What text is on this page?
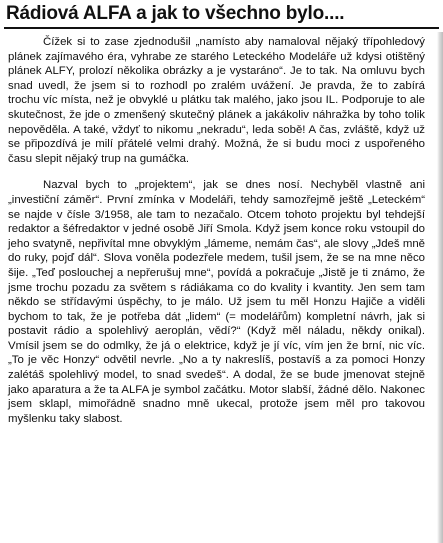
Rádiová ALFA a jak to všechno bylo....

Čížek si to zase zjednodušil „namísto aby namaloval nějaký třípohledový plánek zajímavého éra, vyhrabe ze starého Leteckého Modeláře už kdysi otištěný plánek ALFY, prolozí několika obrázky a je vystaráno“. Je to tak. Na omluvu bych snad uvedl, že jsem si to rozhodl po zralém uvážení. Je pravda, že to zabírá trochu víc místa, než je obvyklé u plátku tak malého, jako jsou IL. Podporuje to ale skutečnost, že jde o zmenšený skutečný plánek a jakákoliv náhražka by toho tolik nepověděla. A také, vždyť to nikomu „nekradu“, leda sobě! A čas, zvláště, když už se připozdívá je milí přátelé velmi drahý. Možná, že si budu moci z uspořeného času slepit nějaký trup na gumáčka.

Nazval bych to „projektem“, jak se dnes nosí. Nechyběl vlastně ani „investiční záměr“. První zmínka v Modeláři, tehdy samozřejmě ještě „Leteckém“ se najde v čísle 3/1958, ale tam to nezačalo. Otcem tohoto projektu byl tehdejší redaktor a šéfredaktor v jedné osobě Jiří Smola. Když jsem konce roku vstoupil do jeho svatyně, nepřivítal mne obvyklým „lámeme, nemám čas“, ale slovy „Jdeš mně do ruky, pojď dál“. Slova voněla podezřele medem, tušil jsem, že se na mne něco šije. „Teď poslouchej a nepřerušuj mne“, povídá a pokračuje „Jistě je ti známo, že jsme trochu pozadu za světem s rádiákama co do kvality i kvantity. Jen sem tam někdo se střídavými úspěchy, to je málo. Už jsem tu měl Honzu Hajiče a viděli bychom to tak, že je potřeba dát „lidem“ (= modelářům) kompletní návrh, jak si postavit rádio a spolehlivý aeroplán, vědí?“ (Když měl náladu, někdy onikal). Vmísil jsem se do odmlky, že já o elektrice, když je jí víc, vím jen že brní, nic víc. „To je věc Honzy“ odvětil nevrle. „No a ty nakreslíš, postavíš a za pomoci Honzy zalétáš spolehlivý model, to snad svedeš“. A dodal, že se bude jmenovat stejně jako aparatura a že ta ALFA je symbol začátku. Motor slabší, žádné dělo. Nakonec jsem sklapl, mimořádně snadno mně ukecal, protože jsem měl pro takovou myšlenku taky slabost.
